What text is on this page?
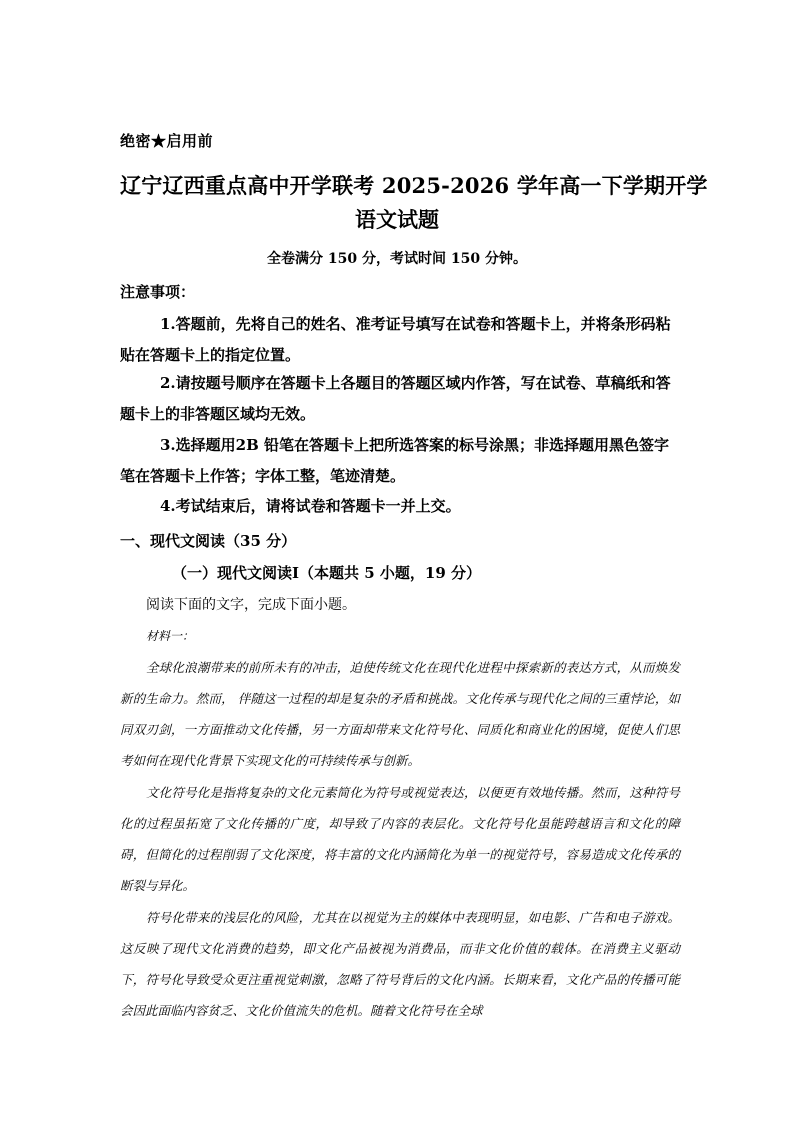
绝密★启用前
辽宁辽西重点高中开学联考 2025-2026 学年高一下学期开学
语文试题
全卷满分 150 分，考试时间 150 分钟。
注意事项：

1.答题前，先将自己的姓名、准考证号填写在试卷和答题卡上，并将条形码粘贴在答题卡上的指定位置。

2.请按题号顺序在答题卡上各题目的答题区域内作答，写在试卷、草稿纸和答题卡上的非答题区域均无效。

3.选择题用2B 铅笔在答题卡上把所选答案的标号涂黑；非选择题用黑色签字笔在答题卡上作答；字体工整，笔迹清楚。

4.考试结束后，请将试卷和答题卡一并上交。

一、现代文阅读（35 分）
（一）现代文阅读Ⅰ（本题共 5 小题，19 分）
阅读下面的文字，完成下面小题。
材料一：

全球化浪潮带来的前所未有的冲击，迫使传统文化在现代化进程中探索新的表达方式，从而焕发新的生命力。然而， 伴随这一过程的却是复杂的矛盾和挑战。文化传承与现代化之间的三重悖论，如同双刃剑，一方面推动文化传播，另一方面却带来文化符号化、同质化和商业化的困境，促使人们思考如何在现代化背景下实现文化的可持续传承与创新。

文化符号化是指将复杂的文化元素简化为符号或视觉表达，以便更有效地传播。然而，这种符号化的过程虽拓宽了文化传播的广度，却导致了内容的表层化。文化符号化虽能跨越语言和文化的障碍，但简化的过程削弱了文化深度，将丰富的文化内涵简化为单一的视觉符号，容易造成文化传承的断裂与异化。

符号化带来的浅层化的风险，尤其在以视觉为主的媒体中表现明显，如电影、广告和电子游戏。这反映了现代文化消费的趋势，即文化产品被视为消费品，而非文化价值的载体。在消费主义驱动下，符号化导致受众更注重视觉刺激，忽略了符号背后的文化内涵。长期来看，文化产品的传播可能会因此面临内容贫乏、文化价值流失的危机。随着文化符号在全球
